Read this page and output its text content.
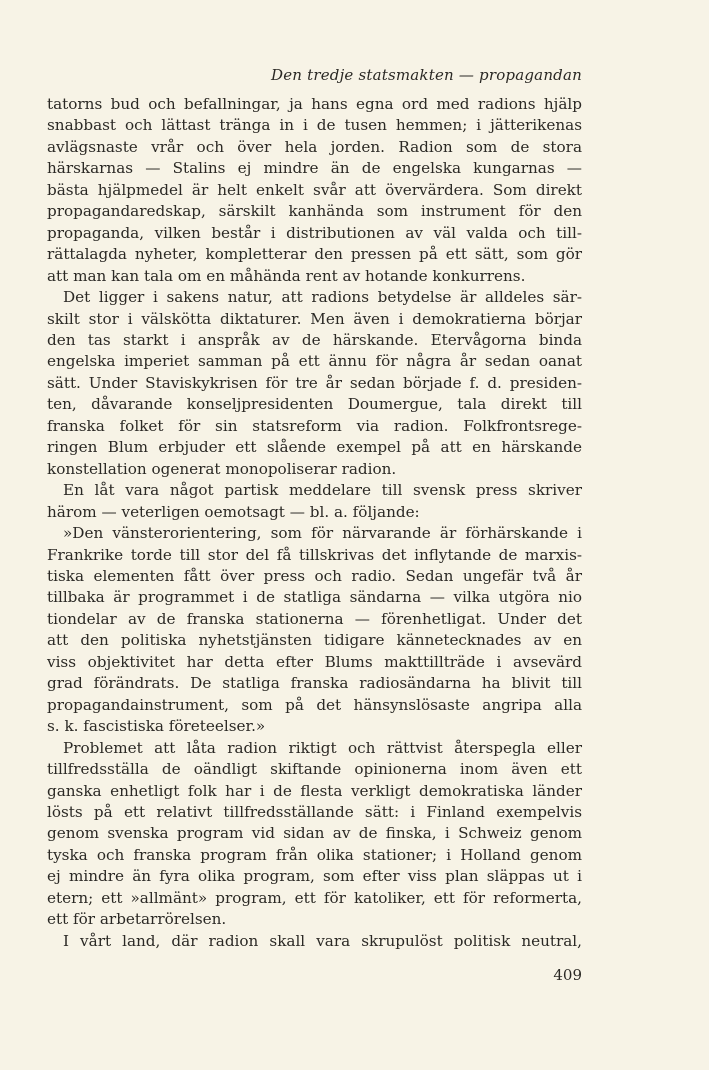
Den tredje statsmakten — propagandan
tatorns bud och befallningar, ja hans egna ord med radions hjälp
snabbast och lättast tränga in i de tusen hemmen; i jätterikenas
avlägsnaste vrår och över hela jorden. Radion som de stora
härskarnas — Stalins ej mindre än de engelska kungarnas —
bästa hjälpmedel är helt enkelt svår att övervärdera. Som direkt
propagandaredskap, särskilt kanhända som instrument för den
propaganda, vilken består i distributionen av väl valda och till-
rättalagda nyheter, kompletterar den pressen på ett sätt, som gör
att man kan tala om en måhända rent av hotande konkurrens.
Det ligger i sakens natur, att radions betydelse är alldeles sär-
skilt stor i välskötta diktaturer. Men även i demokratierna börjar
den tas starkt i anspråk av de härskande. Etervågorna binda
engelska imperiet samman på ett ännu för några år sedan oanat
sätt. Under Staviskykrisen för tre år sedan började f. d. presiden-
ten, dåvarande konseljpresidenten Doumergue, tala direkt till
franska folket för sin statsreform via radion. Folkfrontsrege-
ringen Blum erbjuder ett slående exempel på att en härskande
konstellation ogenerat monopoliserar radion.
En låt vara något partisk meddelare till svensk press skriver
härom — veterligen oemotsagt — bl. a. följande:
»Den vänsterorientering, som för närvarande är förhärskande i
Frankrike torde till stor del få tillskrivas det inflytande de marxis-
tiska elementen fått över press och radio. Sedan ungefär två år
tillbaka är programmet i de statliga sändarna — vilka utgöra nio
tiondelar av de franska stationerna — förenhetligat. Under det
att den politiska nyhetstjänsten tidigare kännetecknades av en
viss objektivitet har detta efter Blums makttillträde i avsevärd
grad förändrats. De statliga franska radiosändarna ha blivit till
propagandainstrument, som på det hänsynslösaste angripa alla
s. k. fascistiska företeelser.»
Problemet att låta radion riktigt och rättvist återspegla eller
tillfredsställa de oändligt skiftande opinionerna inom även ett
ganska enhetligt folk har i de flesta verkligt demokratiska länder
lösts på ett relativt tillfredsställande sätt: i Finland exempelvis
genom svenska program vid sidan av de finska, i Schweiz genom
tyska och franska program från olika stationer; i Holland genom
ej mindre än fyra olika program, som efter viss plan släppas ut i
etern; ett »allmänt» program, ett för katoliker, ett för reformerta,
ett för arbetarrörelsen.
I vårt land, där radion skall vara skrupulöst politisk neutral,
409
